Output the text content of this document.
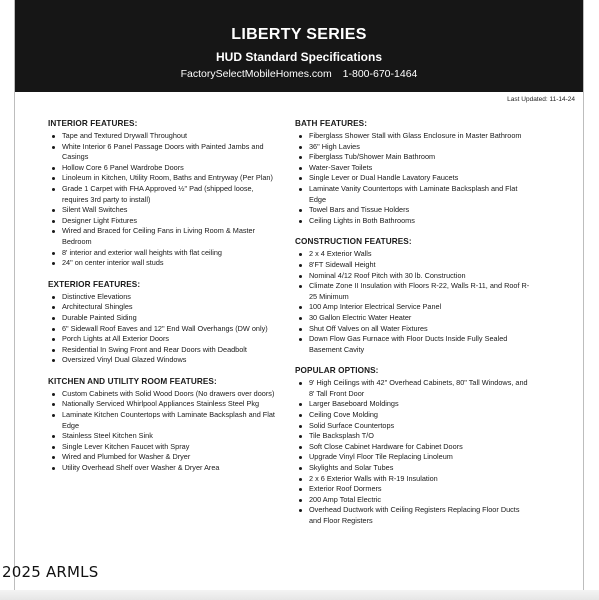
LIBERTY SERIES
HUD Standard Specifications
FactorySelectMobileHomes.com 1-800-670-1464
Last Updated: 11-14-24
INTERIOR FEATURES:
Tape and Textured Drywall Throughout
White Interior 6 Panel Passage Doors with Painted Jambs and Casings
Hollow Core 6 Panel Wardrobe Doors
Linoleum in Kitchen, Utility Room, Baths and Entryway (Per Plan)
Grade 1 Carpet with FHA Approved ½" Pad (shipped loose, requires 3rd party to install)
Silent Wall Switches
Designer Light Fixtures
Wired and Braced for Ceiling Fans in Living Room & Master Bedroom
8' interior and exterior wall heights with flat ceiling
24" on center interior wall studs
EXTERIOR FEATURES:
Distinctive Elevations
Architectural Shingles
Durable Painted Siding
6" Sidewall Roof Eaves and 12" End Wall Overhangs (DW only)
Porch Lights at All Exterior Doors
Residential In Swing Front and Rear Doors with Deadbolt
Oversized Vinyl Dual Glazed Windows
KITCHEN AND UTILITY ROOM FEATURES:
Custom Cabinets with Solid Wood Doors (No drawers over doors)
Nationally Serviced Whirlpool Appliances Stainless Steel Pkg
Laminate Kitchen Countertops with Laminate Backsplash and Flat Edge
Stainless Steel Kitchen Sink
Single Lever Kitchen Faucet with Spray
Wired and Plumbed for Washer & Dryer
Utility Overhead Shelf over Washer & Dryer Area
BATH FEATURES:
Fiberglass Shower Stall with Glass Enclosure in Master Bathroom
36" High Lavies
Fiberglass Tub/Shower Main Bathroom
Water-Saver Toilets
Single Lever or Dual Handle Lavatory Faucets
Laminate Vanity Countertops with Laminate Backsplash and Flat Edge
Towel Bars and Tissue Holders
Ceiling Lights in Both Bathrooms
CONSTRUCTION FEATURES:
2 x 4 Exterior Walls
8'FT Sidewall Height
Nominal 4/12 Roof Pitch with 30 lb. Construction
Climate Zone II Insulation with Floors R-22, Walls R-11, and Roof R-25 Minimum
100 Amp Interior Electrical Service Panel
30 Gallon Electric Water Heater
Shut Off Valves on all Water Fixtures
Down Flow Gas Furnace with Floor Ducts Inside Fully Sealed Basement Cavity
POPULAR OPTIONS:
9' High Ceilings with 42" Overhead Cabinets, 80" Tall Windows, and 8' Tall Front Door
Larger Baseboard Moldings
Ceiling Cove Molding
Solid Surface Countertops
Tile Backsplash T/O
Soft Close Cabinet Hardware for Cabinet Doors
Upgrade Vinyl Floor Tile Replacing Linoleum
Skylights and Solar Tubes
2 x 6 Exterior Walls with R-19 Insulation
Exterior Roof Dormers
200 Amp Total Electric
Overhead Ductwork with Ceiling Registers Replacing Floor Ducts and Floor Registers
2025 ARMLS
